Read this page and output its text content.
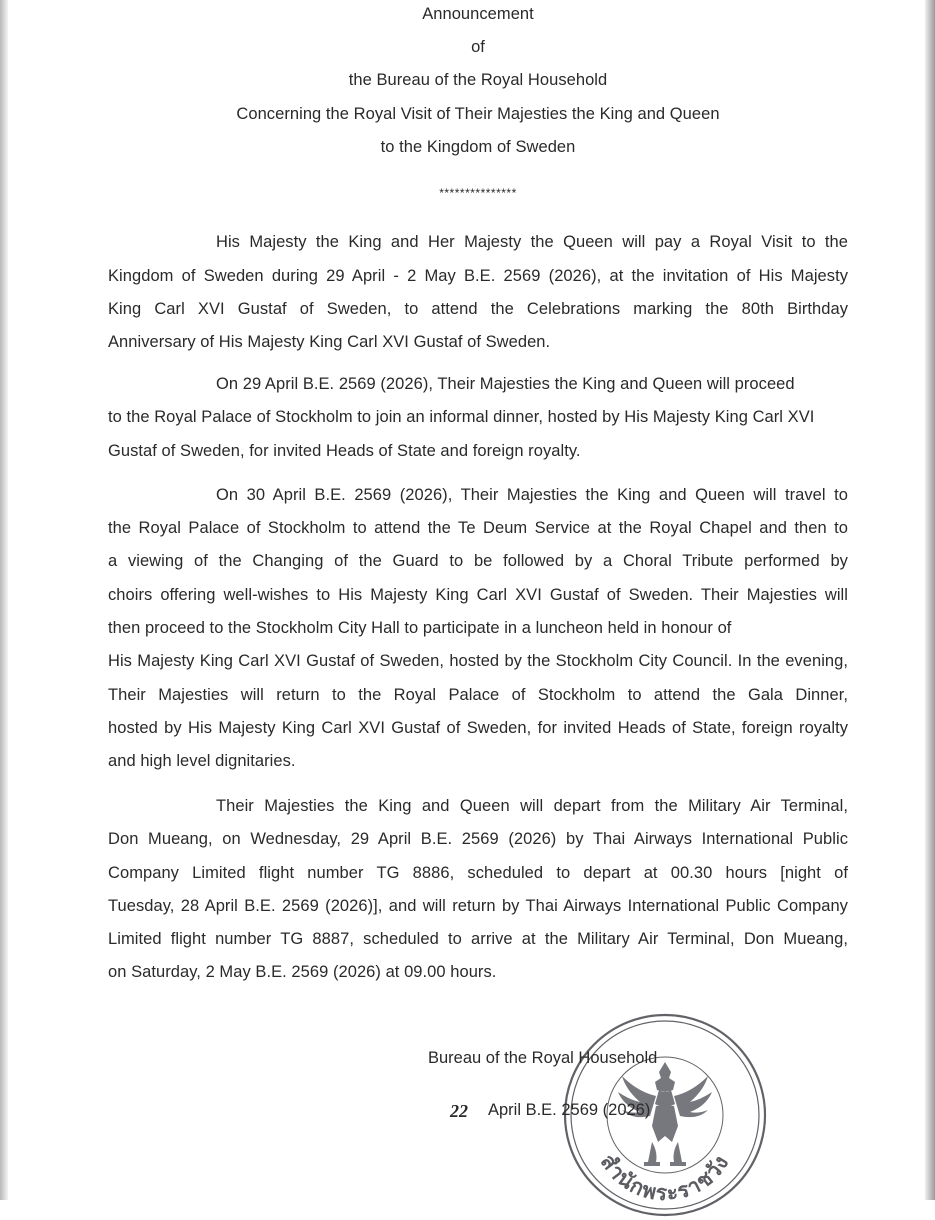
Announcement
of
the Bureau of the Royal Household
Concerning the Royal Visit of Their Majesties the King and Queen
to the Kingdom of Sweden
***************
His Majesty the King and Her Majesty the Queen will pay a Royal Visit to the
Kingdom of Sweden during 29 April - 2 May B.E. 2569 (2026), at the invitation of His Majesty
King Carl XVI Gustaf of Sweden, to attend the Celebrations marking the 80th Birthday
Anniversary of His Majesty King Carl XVI Gustaf of Sweden.
On 29 April B.E. 2569 (2026), Their Majesties the King and Queen will proceed
to the Royal Palace of Stockholm to join an informal dinner, hosted by His Majesty King Carl XVI
Gustaf of Sweden, for invited Heads of State and foreign royalty.
On 30 April B.E. 2569 (2026), Their Majesties the King and Queen will travel to
the Royal Palace of Stockholm to attend the Te Deum Service at the Royal Chapel and then to
a viewing of the Changing of the Guard to be followed by a Choral Tribute performed by
choirs offering well-wishes to His Majesty King Carl XVI Gustaf of Sweden. Their Majesties will
then proceed to the Stockholm City Hall to participate in a luncheon held in honour of
His Majesty King Carl XVI Gustaf of Sweden, hosted by the Stockholm City Council. In the evening,
Their Majesties will return to the Royal Palace of Stockholm to attend the Gala Dinner,
hosted by His Majesty King Carl XVI Gustaf of Sweden, for invited Heads of State, foreign royalty
and high level dignitaries.
Their Majesties the King and Queen will depart from the Military Air Terminal,
Don Mueang, on Wednesday, 29 April B.E. 2569 (2026) by Thai Airways International Public
Company Limited flight number TG 8886, scheduled to depart at 00.30 hours [night of
Tuesday, 28 April B.E. 2569 (2026)], and will return by Thai Airways International Public Company
Limited flight number TG 8887, scheduled to arrive at the Military Air Terminal, Don Mueang,
on Saturday, 2 May B.E. 2569 (2026) at 09.00 hours.
สำนักพระราชวัง
Bureau of the Royal Household
22 April B.E. 2569 (2026)
